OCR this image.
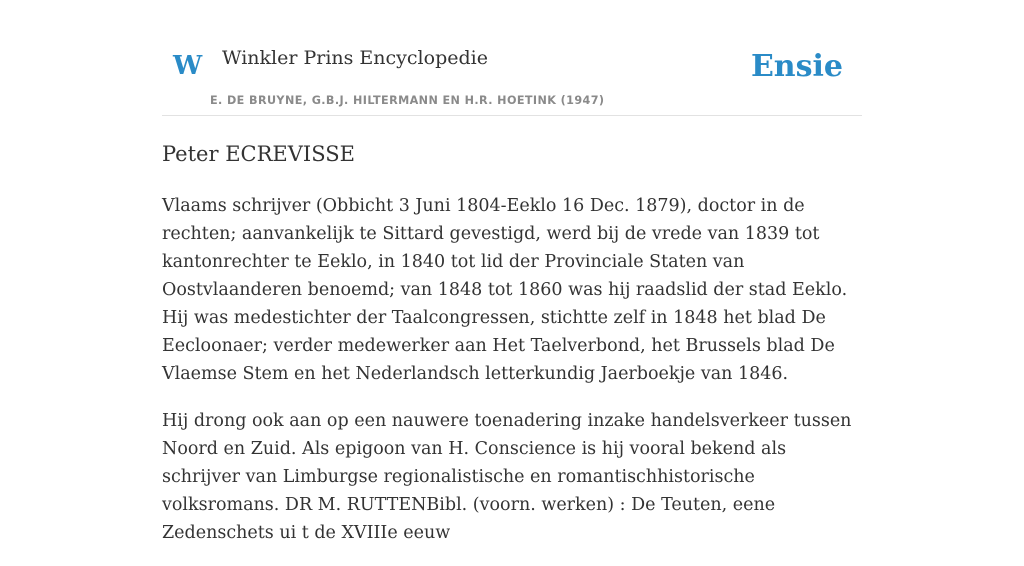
W Winkler Prins Encyclopedie
E. DE BRUYNE, G.B.J. HILTERMANN EN H.R. HOETINK (1947)
Ensie
Peter ECREVISSE

Vlaams schrijver (Obbicht 3 Juni 1804-Eeklo 16 Dec. 1879), doctor in de rechten; aanvankelijk te Sittard gevestigd, werd bij de vrede van 1839 tot kantonrechter te Eeklo, in 1840 tot lid der Provinciale Staten van Oostvlaanderen benoemd; van 1848 tot 1860 was hij raadslid der stad Eeklo. Hij was medestichter der Taalcongressen, stichtte zelf in 1848 het blad De Eecloonaer; verder medewerker aan Het Taelverbond, het Brussels blad De Vlaemse Stem en het Nederlandsch letterkundig Jaerboekje van 1846.

Hij drong ook aan op een nauwere toenadering inzake handelsverkeer tussen Noord en Zuid. Als epigoon van H. Conscience is hij vooral bekend als schrijver van Limburgse regionalistische en romantischhistorische volksromans. DR M. RUTTENBibl. (voorn. werken) : De Teuten, eene Zedenschets ui t de XVIIIe eeuw
